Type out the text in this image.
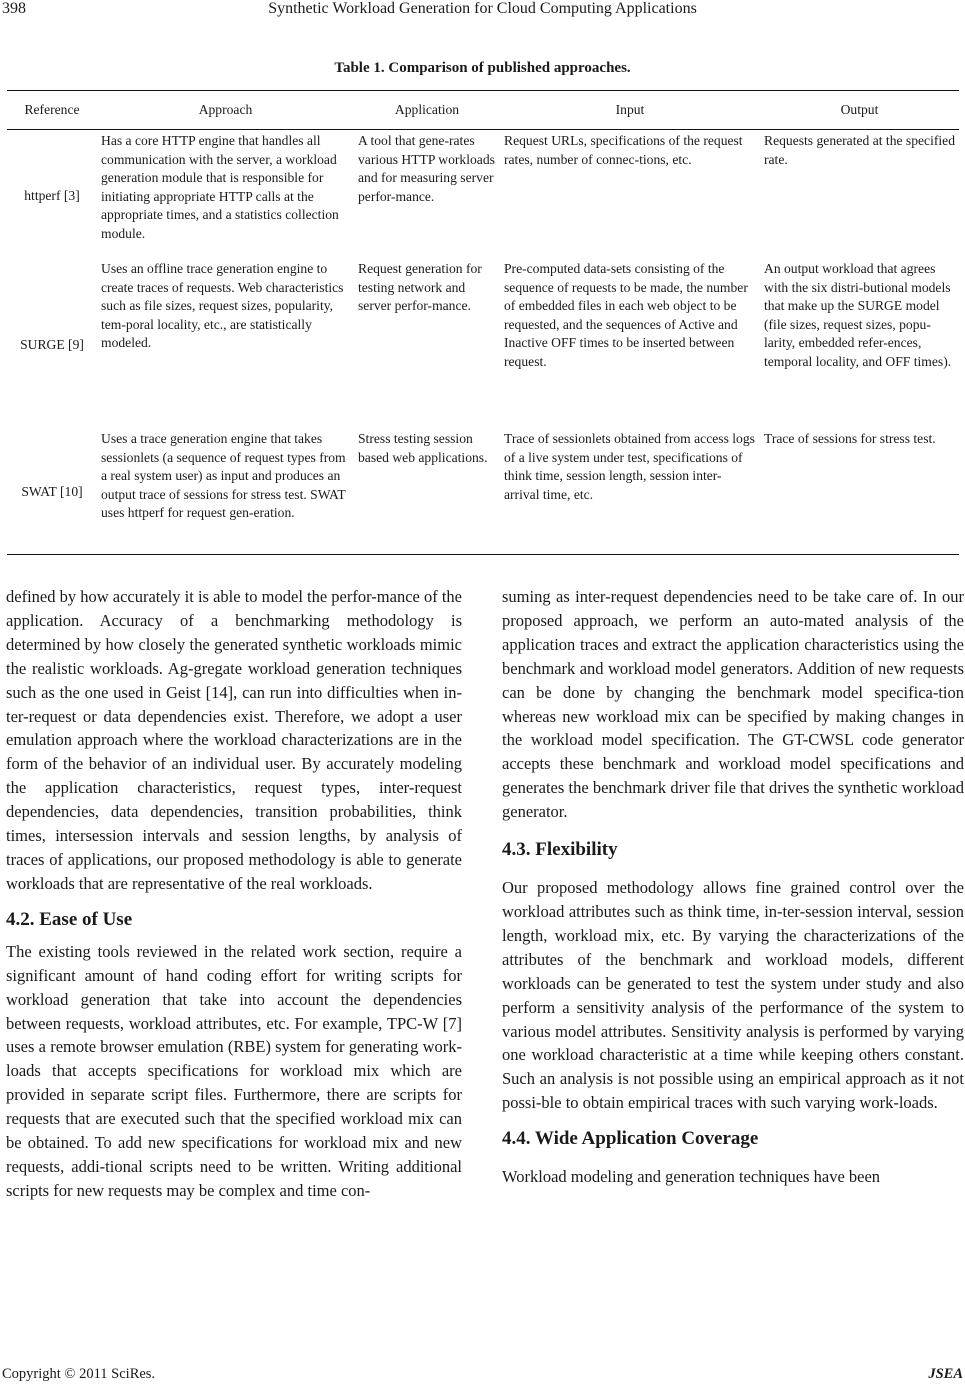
398	Synthetic Workload Generation for Cloud Computing Applications
Table 1. Comparison of published approaches.
Reference	Approach	Application	Input	Output
httperf [3]	Has a core HTTP engine that handles all communication with the server, a workload generation module that is responsible for initiating appropriate HTTP calls at the appropriate times, and a statistics collection module.	A tool that gene-rates various HTTP workloads and for measuring server perfor-mance.	Request URLs, specifications of the request rates, number of connec-tions, etc.	Requests generated at the specified rate.
SURGE [9]	Uses an offline trace generation engine to create traces of requests. Web characteristics such as file sizes, request sizes, popularity, tem-poral locality, etc., are statistically modeled.	Request generation for testing network and server perfor-mance.	Pre-computed data-sets consisting of the sequence of requests to be made, the number of embedded files in each web object to be requested, and the sequences of Active and Inactive OFF times to be inserted between request.	An output workload that agrees with the six distri-butional models that make up the SURGE model (file sizes, request sizes, popu-larity, embedded refer-ences, temporal locality, and OFF times).
SWAT [10]	Uses a trace generation engine that takes sessionlets (a sequence of request types from a real system user) as input and produces an output trace of sessions for stress test. SWAT uses httperf for request gen-eration.	Stress testing session based web applications.	Trace of sessionlets obtained from access logs of a live system under test, specifications of think time, session length, session inter-arrival time, etc.	Trace of sessions for stress test.

defined by how accurately it is able to model the perfor-mance of the application. Accuracy of a benchmarking methodology is determined by how closely the generated synthetic workloads mimic the realistic workloads. Ag-gregate workload generation techniques such as the one used in Geist [14], can run into difficulties when in-ter-request or data dependencies exist. Therefore, we adopt a user emulation approach where the workload characterizations are in the form of the behavior of an individual user. By accurately modeling the application characteristics, request types, inter-request dependencies, data dependencies, transition probabilities, think times, intersession intervals and session lengths, by analysis of traces of applications, our proposed methodology is able to generate workloads that are representative of the real workloads.

4.2. Ease of Use

The existing tools reviewed in the related work section, require a significant amount of hand coding effort for writing scripts for workload generation that take into account the dependencies between requests, workload attributes, etc. For example, TPC-W [7] uses a remote browser emulation (RBE) system for generating work-loads that accepts specifications for workload mix which are provided in separate script files. Furthermore, there are scripts for requests that are executed such that the specified workload mix can be obtained. To add new specifications for workload mix and new requests, addi-tional scripts need to be written. Writing additional scripts for new requests may be complex and time con-

suming as inter-request dependencies need to be take care of. In our proposed approach, we perform an auto-mated analysis of the application traces and extract the application characteristics using the benchmark and workload model generators. Addition of new requests can be done by changing the benchmark model specifica-tion whereas new workload mix can be specified by making changes in the workload model specification. The GT-CWSL code generator accepts these benchmark and workload model specifications and generates the benchmark driver file that drives the synthetic workload generator.

4.3. Flexibility

Our proposed methodology allows fine grained control over the workload attributes such as think time, in-ter-session interval, session length, workload mix, etc. By varying the characterizations of the attributes of the benchmark and workload models, different workloads can be generated to test the system under study and also perform a sensitivity analysis of the performance of the system to various model attributes. Sensitivity analysis is performed by varying one workload characteristic at a time while keeping others constant. Such an analysis is not possible using an empirical approach as it not possi-ble to obtain empirical traces with such varying work-loads.

4.4. Wide Application Coverage

Workload modeling and generation techniques have been

Copyright © 2011 SciRes.	JSEA
